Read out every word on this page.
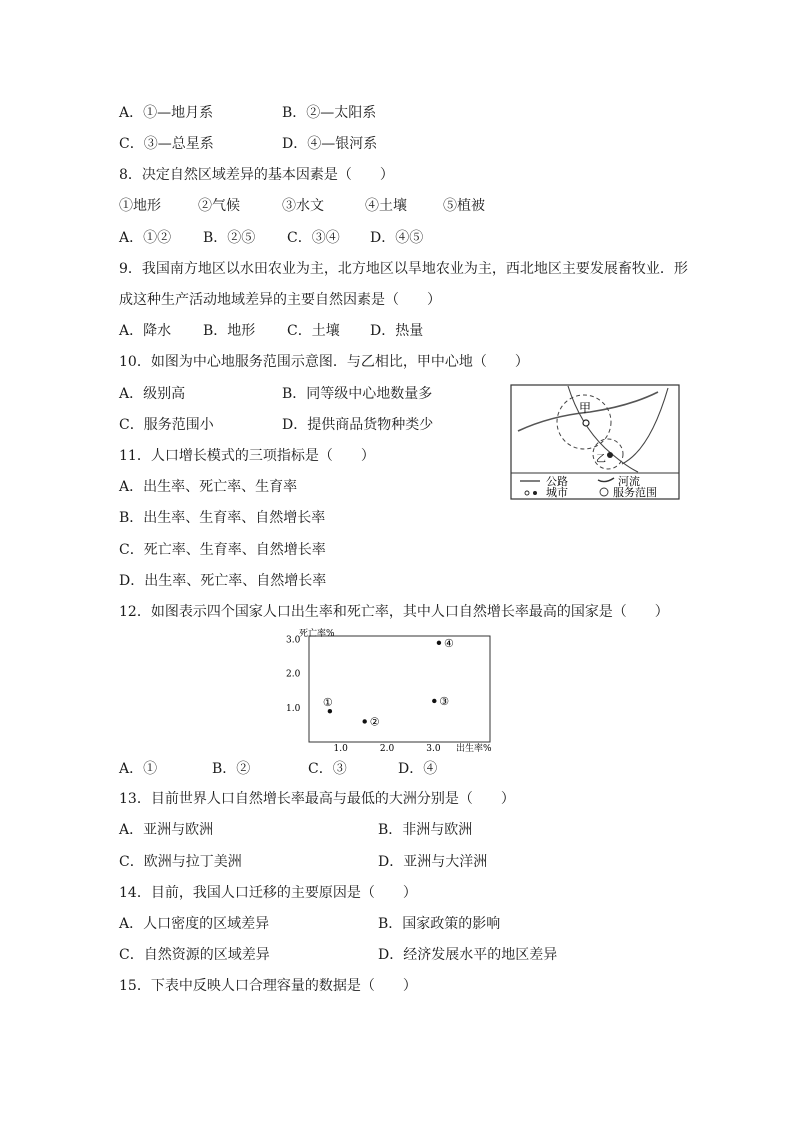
A．①—地月系	B．②—太阳系
C．③—总星系	D．④—银河系
8．决定自然区域差异的基本因素是（　　）
①地形	②气候	③水文	④土壤	⑤植被
A．①② B．②⑤ C．③④ D．④⑤
9．我国南方地区以水田农业为主，北方地区以旱地农业为主，西北地区主要发展畜牧业．形
成这种生产活动地域差异的主要自然因素是（　　）
A．降水 B．地形 C．土壤 D．热量
10．如图为中心地服务范围示意图．与乙相比，甲中心地（　　）
A．级别高	B．同等级中心地数量多
C．服务范围小	D．提供商品货物种类少
甲
乙
公路	河流
城市	服务范围
11．人口增长模式的三项指标是（　　）
A．出生率、死亡率、生育率
B．出生率、生育率、自然增长率
C．死亡率、生育率、自然增长率
D．出生率、死亡率、自然增长率
12．如图表示四个国家人口出生率和死亡率，其中人口自然增长率最高的国家是（　　）
死亡率%
出生率%
1.0
2.0
3.0
1.0	2.0	3.0
①
②
③
④
A．①	B．②	C．③	D．④
13．目前世界人口自然增长率最高与最低的大洲分别是（　　）
A．亚洲与欧洲	B．非洲与欧洲
C．欧洲与拉丁美洲	D．亚洲与大洋洲
14．目前，我国人口迁移的主要原因是（　　）
A．人口密度的区域差异	B．国家政策的影响
C．自然资源的区域差异	D．经济发展水平的地区差异
15．下表中反映人口合理容量的数据是（　　）
